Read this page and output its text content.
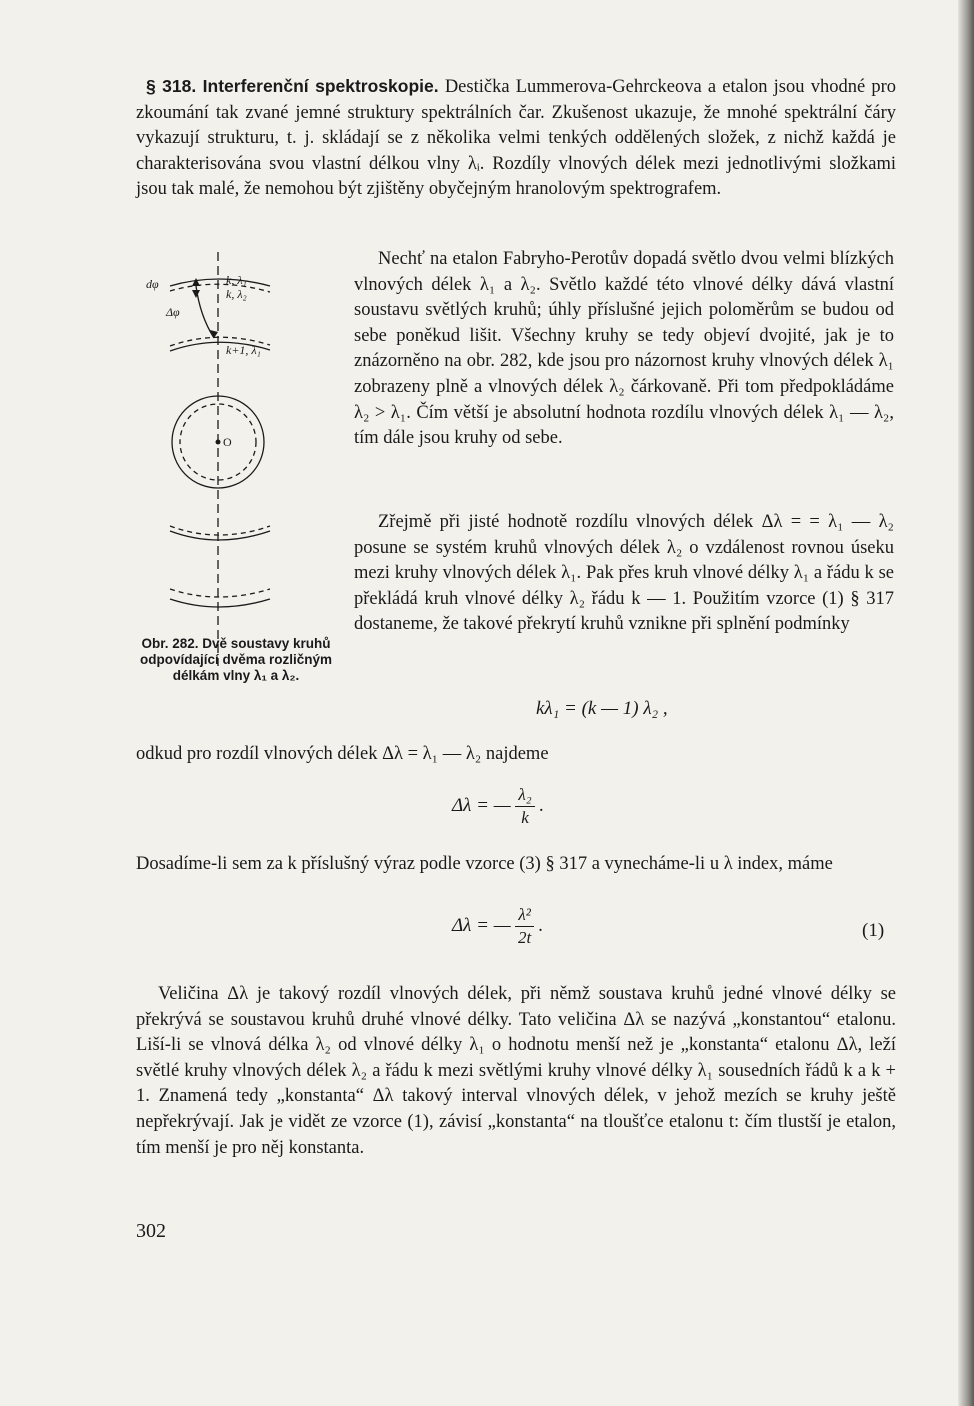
§ 318. Interferenční spektroskopie. Destička Lummerova-Gehrckeova a etalon jsou vhodné pro zkoumání tak zvané jemné struktury spektrálních čar. Zkušenost ukazuje, že mnohé spektrální čáry vykazují strukturu, t. j. skládají se z několika velmi tenkých oddělených složek, z nichž každá je charakterisována svou vlastní délkou vlny λᵢ. Rozdíly vlnových délek mezi jednotlivými složkami jsou tak malé, že nemohou být zjištěny obyčejným hranolovým spektrografem.

dφ
Δφ
k, λ₁
k, λ₂
k+1, λ₁
O
Obr. 282. Dvě soustavy kruhů odpovídající dvěma rozličným délkám vlny λ₁ a λ₂.

Nechť na etalon Fabryho-Perotův dopadá světlo dvou velmi blízkých vlnových délek λ₁ a λ₂. Světlo každé této vlnové délky dává vlastní soustavu světlých kruhů; úhly příslušné jejich poloměrům se budou od sebe poněkud lišit. Všechny kruhy se tedy objeví dvojité, jak je to znázorněno na obr. 282, kde jsou pro názornost kruhy vlnových délek λ₁ zobrazeny plně a vlnových délek λ₂ čárkovaně. Při tom předpokládáme λ₂ > λ₁. Čím větší je absolutní hodnota rozdílu vlnových délek λ₁ — λ₂, tím dále jsou kruhy od sebe.

Zřejmě při jisté hodnotě rozdílu vlnových délek Δλ = = λ₁ — λ₂ posune se systém kruhů vlnových délek λ₂ o vzdálenost rovnou úseku mezi kruhy vlnových délek λ₁. Pak přes kruh vlnové délky λ₁ a řádu k se překládá kruh vlnové délky λ₂ řádu k — 1. Použitím vzorce (1) § 317 dostaneme, že takové překrytí kruhů vznikne při splnění podmínky

kλ₁ = (k — 1) λ₂ ,

odkud pro rozdíl vlnových délek Δλ = λ₁ — λ₂ najdeme

Δλ = — $\frac{\text{λ₂}}{k}$ .

Dosadíme-li sem za k příslušný výraz podle vzorce (3) § 317 a vynecháme-li u λ index, máme

Δλ = — $\frac{\text{λ²}}{2t}$ .	(1)

Veličina Δλ je takový rozdíl vlnových délek, při němž soustava kruhů jedné vlnové délky se překrývá se soustavou kruhů druhé vlnové délky. Tato veličina Δλ se nazývá „konstantou“ etalonu. Liší-li se vlnová délka λ₂ od vlnové délky λ₁ o hodnotu menší než je „konstanta“ etalonu Δλ, leží světlé kruhy vlnových délek λ₂ a řádu k mezi světlými kruhy vlnové délky λ₁ sousedních řádů k a k + 1. Znamená tedy „konstanta“ Δλ takový interval vlnových délek, v jehož mezích se kruhy ještě nepřekrývají. Jak je vidět ze vzorce (1), závisí „konstanta“ na tloušťce etalonu t: čím tlustší je etalon, tím menší je pro něj konstanta.

302
